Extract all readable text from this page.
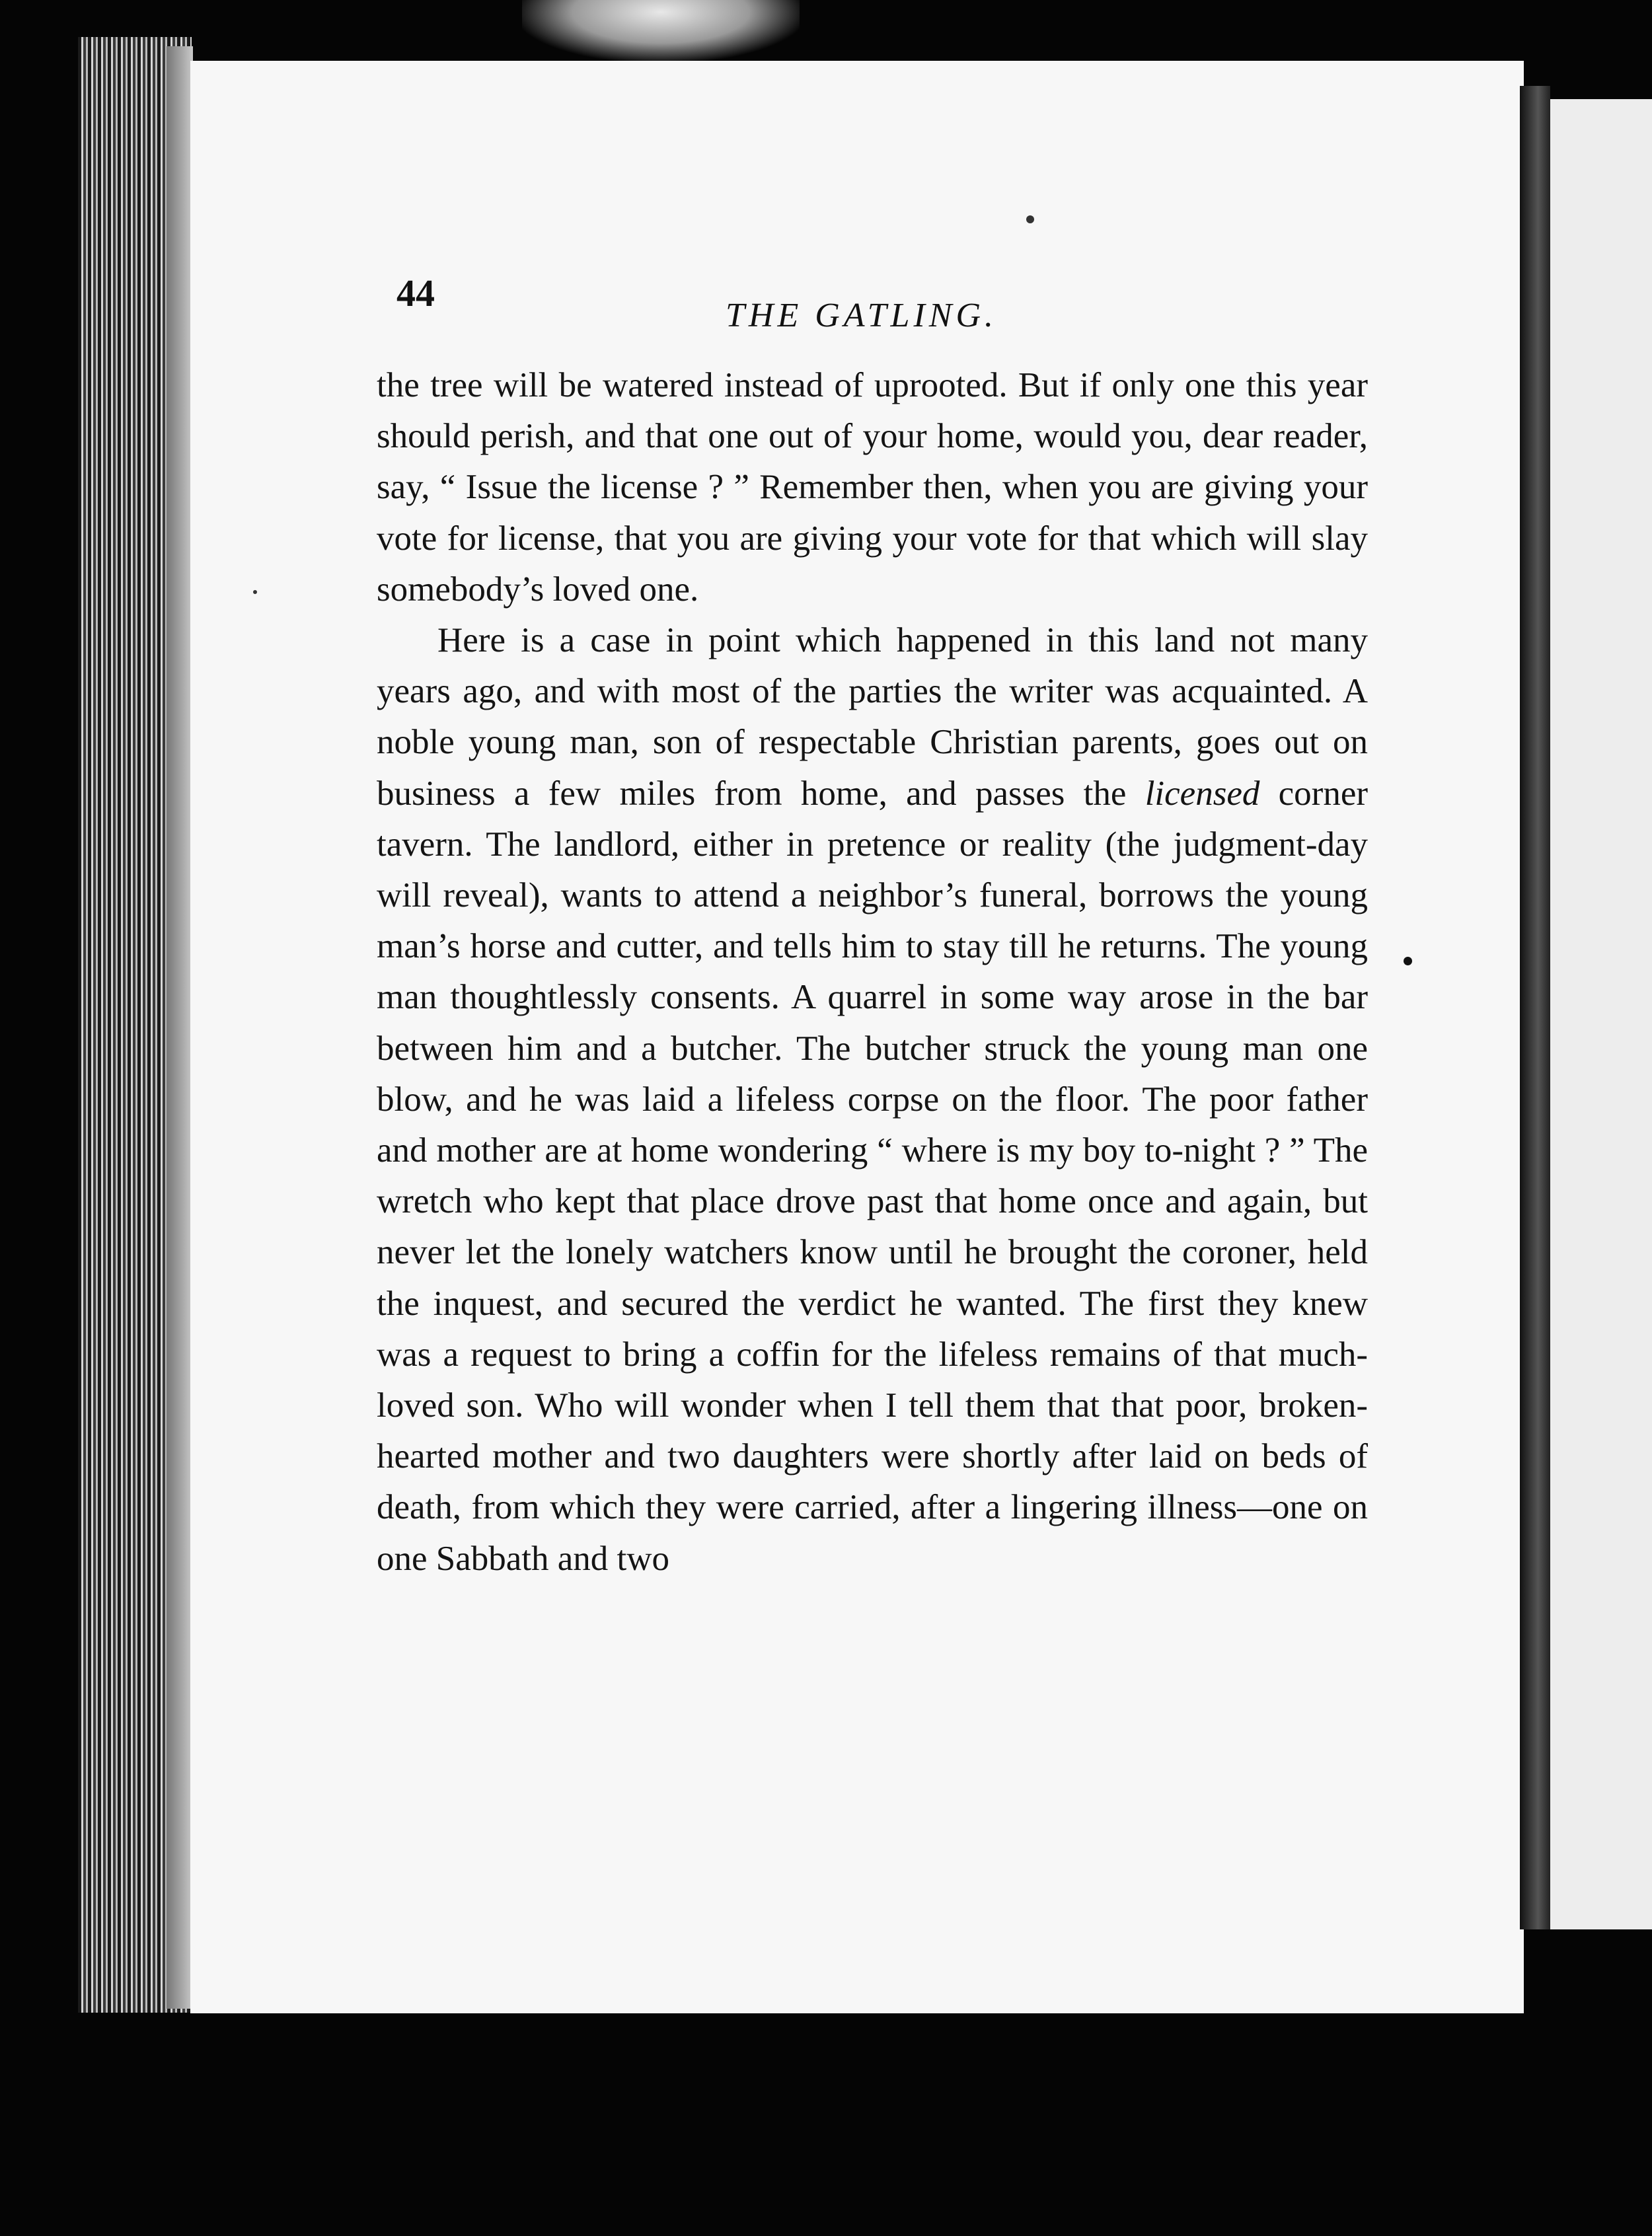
44
THE GATLING.

the tree will be watered instead of uprooted. But if only one this year should perish, and that one out of your home, would you, dear reader, say, “ Issue the license ? ” Remember then, when you are giving your vote for license, that you are giving your vote for that which will slay somebody’s loved one.

Here is a case in point which happened in this land not many years ago, and with most of the parties the writer was acquainted. A noble young man, son of respectable Christian parents, goes out on business a few miles from home, and passes the licensed corner tavern. The landlord, either in pretence or reality (the judgment-day will reveal), wants to attend a neighbor’s funeral, borrows the young man’s horse and cutter, and tells him to stay till he returns. The young man thoughtlessly consents. A quarrel in some way arose in the bar between him and a butcher. The butcher struck the young man one blow, and he was laid a lifeless corpse on the floor. The poor father and mother are at home wondering “ where is my boy to-night ? ” The wretch who kept that place drove past that home once and again, but never let the lonely watchers know until he brought the coroner, held the inquest, and secured the verdict he wanted. The first they knew was a request to bring a coffin for the lifeless remains of that much-loved son. Who will wonder when I tell them that that poor, broken-hearted mother and two daughters were shortly after laid on beds of death, from which they were carried, after a lingering illness—one on one Sabbath and two
